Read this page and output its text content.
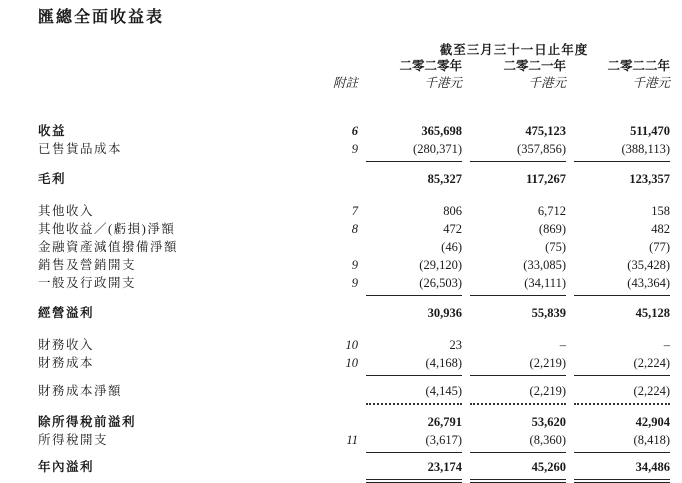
匯總全面收益表
截至三月三十一日止年度
二零二零年	二零二一年	二零二二年
附註	千港元	千港元	千港元
收益	6	365,698	475,123	511,470
已售貨品成本	9	(280,371)	(357,856)	(388,113)
毛利	85,327	117,267	123,357
其他收入	7	806	6,712	158
其他收益／(虧損)淨額	8	472	(869)	482
金融資產減值撥備淨額	(46)	(75)	(77)
銷售及營銷開支	9	(29,120)	(33,085)	(35,428)
一般及行政開支	9	(26,503)	(34,111)	(43,364)
經營溢利	30,936	55,839	45,128
財務收入	10	23	–	–
財務成本	10	(4,168)	(2,219)	(2,224)
財務成本淨額	(4,145)	(2,219)	(2,224)
除所得稅前溢利	26,791	53,620	42,904
所得稅開支	11	(3,617)	(8,360)	(8,418)
年內溢利	23,174	45,260	34,486
